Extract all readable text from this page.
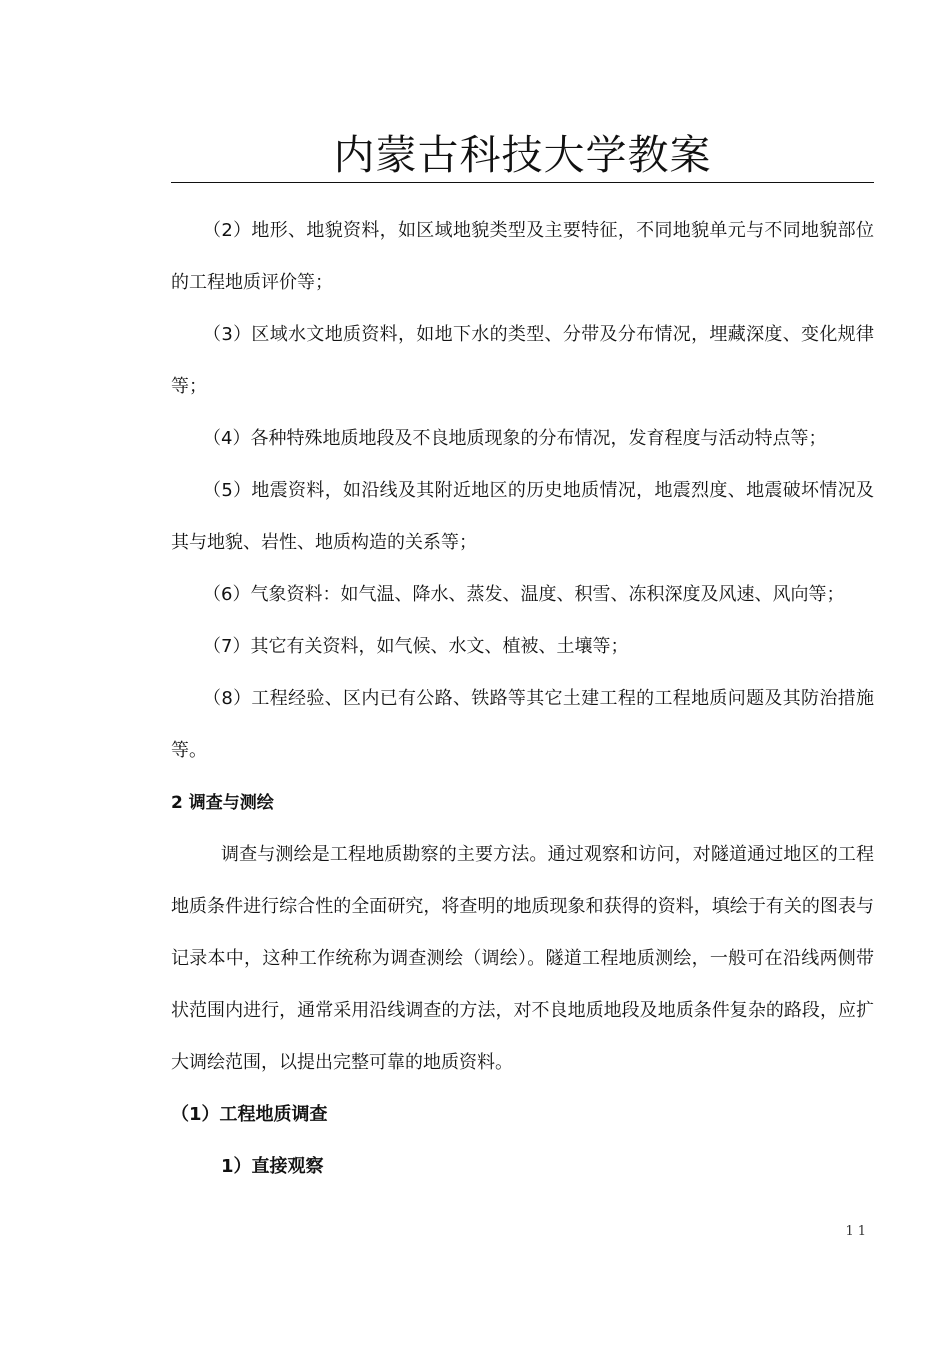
内蒙古科技大学教案

（2）地形、地貌资料，如区域地貌类型及主要特征，不同地貌单元与不同地貌部位的工程地质评价等；

（3）区域水文地质资料，如地下水的类型、分带及分布情况，埋藏深度、变化规律等；

（4）各种特殊地质地段及不良地质现象的分布情况，发育程度与活动特点等；

（5）地震资料，如沿线及其附近地区的历史地质情况，地震烈度、地震破坏情况及其与地貌、岩性、地质构造的关系等；

（6）气象资料：如气温、降水、蒸发、温度、积雪、冻积深度及风速、风向等；

（7）其它有关资料，如气候、水文、植被、土壤等；

（8）工程经验、区内已有公路、铁路等其它土建工程的工程地质问题及其防治措施等。

2 调查与测绘

调查与测绘是工程地质勘察的主要方法。通过观察和访问，对隧道通过地区的工程地质条件进行综合性的全面研究，将查明的地质现象和获得的资料，填绘于有关的图表与记录本中，这种工作统称为调查测绘（调绘）。隧道工程地质测绘，一般可在沿线两侧带状范围内进行，通常采用沿线调查的方法，对不良地质地段及地质条件复杂的路段，应扩大调绘范围，以提出完整可靠的地质资料。

（1）工程地质调查

1）直接观察

11
